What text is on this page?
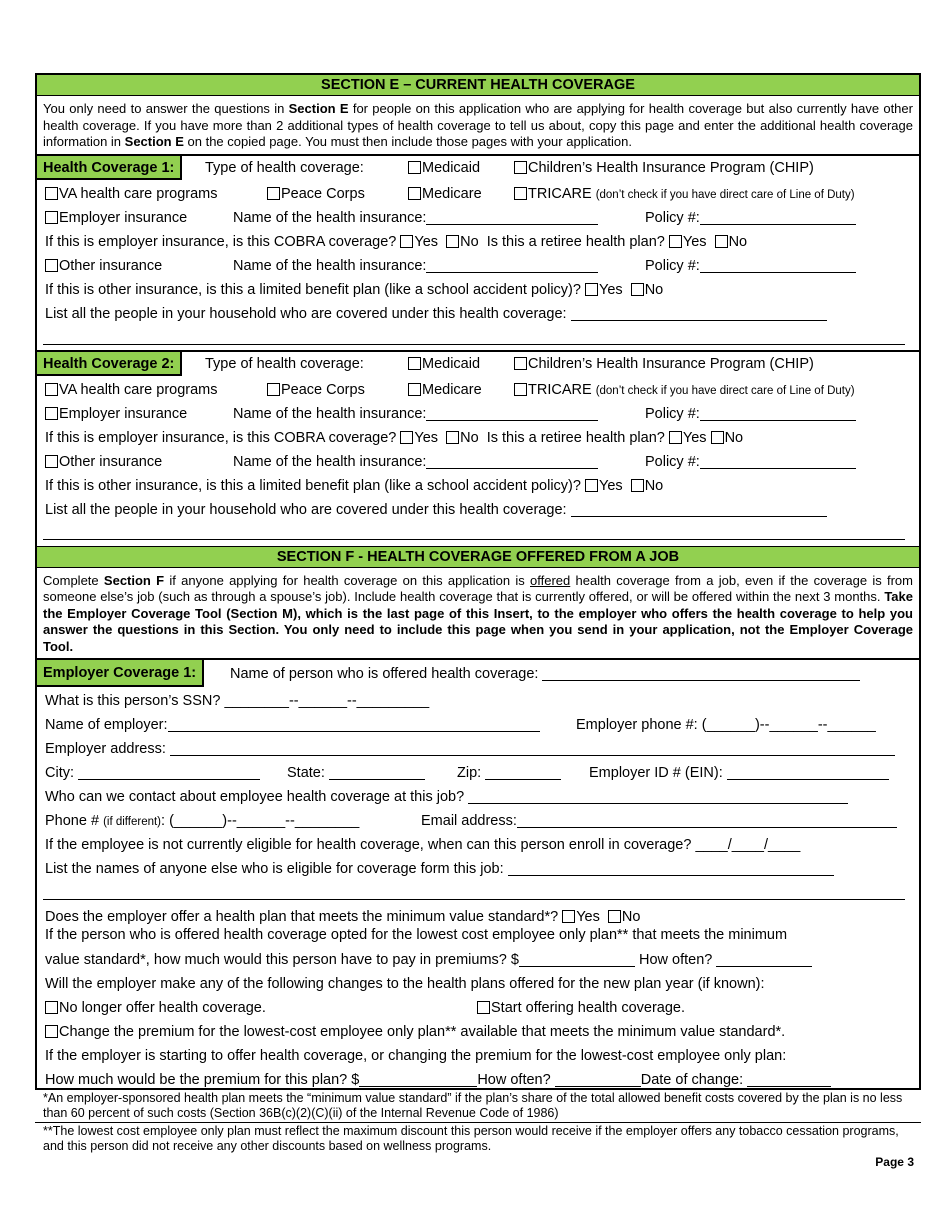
SECTION E – CURRENT HEALTH COVERAGE
You only need to answer the questions in Section E for people on this application who are applying for health coverage but also currently have other health coverage. If you have more than 2 additional types of health coverage to tell us about, copy this page and enter the additional health coverage information in Section E on the copied page. You must then include those pages with your application.
Health Coverage 1:	Type of health coverage:	Medicaid	Children’s Health Insurance Program (CHIP)
VA health care programs	Peace Corps	Medicare	TRICARE (don’t check if you have direct care of Line of Duty)
Employer insurance	Name of the health insurance:	Policy #:
If this is employer insurance, is this COBRA coverage? Yes No Is this a retiree health plan? Yes No
Other insurance	Name of the health insurance:	Policy #:
If this is other insurance, is this a limited benefit plan (like a school accident policy)? Yes No
List all the people in your household who are covered under this health coverage:
Health Coverage 2:	Type of health coverage:	Medicaid	Children’s Health Insurance Program (CHIP)
VA health care programs	Peace Corps	Medicare	TRICARE (don’t check if you have direct care of Line of Duty)
Employer insurance	Name of the health insurance:	Policy #:
If this is employer insurance, is this COBRA coverage? Yes No Is this a retiree health plan? Yes No
Other insurance	Name of the health insurance:	Policy #:
If this is other insurance, is this a limited benefit plan (like a school accident policy)? Yes No
List all the people in your household who are covered under this health coverage:
SECTION F - HEALTH COVERAGE OFFERED FROM A JOB
Complete Section F if anyone applying for health coverage on this application is offered health coverage from a job, even if the coverage is from someone else’s job (such as through a spouse’s job). Include health coverage that is currently offered, or will be offered within the next 3 months. Take the Employer Coverage Tool (Section M), which is the last page of this Insert, to the employer who offers the health coverage to help you answer the questions in this Section. You only need to include this page when you send in your application, not the Employer Coverage Tool.
Employer Coverage 1:	Name of person who is offered health coverage:
What is this person’s SSN? ________--______--_________
Name of employer:	Employer phone #: (______)--______--______
Employer address:
City:	State:	Zip:	Employer ID # (EIN):
Who can we contact about employee health coverage at this job?
Phone # (if different): (______)--______--________	Email address:
If the employee is not currently eligible for health coverage, when can this person enroll in coverage? ____/____/____
List the names of anyone else who is eligible for coverage form this job:
Does the employer offer a health plan that meets the minimum value standard*? Yes No
If the person who is offered health coverage opted for the lowest cost employee only plan** that meets the minimum
value standard*, how much would this person have to pay in premiums? $	How often?
Will the employer make any of the following changes to the health plans offered for the new plan year (if known):
No longer offer health coverage.	Start offering health coverage.
Change the premium for the lowest-cost employee only plan** available that meets the minimum value standard*.
If the employer is starting to offer health coverage, or changing the premium for the lowest-cost employee only plan:
How much would be the premium for this plan? $	How often?	Date of change:
*An employer-sponsored health plan meets the “minimum value standard” if the plan’s share of the total allowed benefit costs covered by the plan is no less than 60 percent of such costs (Section 36B(c)(2)(C)(ii) of the Internal Revenue Code of 1986)
**The lowest cost employee only plan must reflect the maximum discount this person would receive if the employer offers any tobacco cessation programs, and this person did not receive any other discounts based on wellness programs.
Page 3
